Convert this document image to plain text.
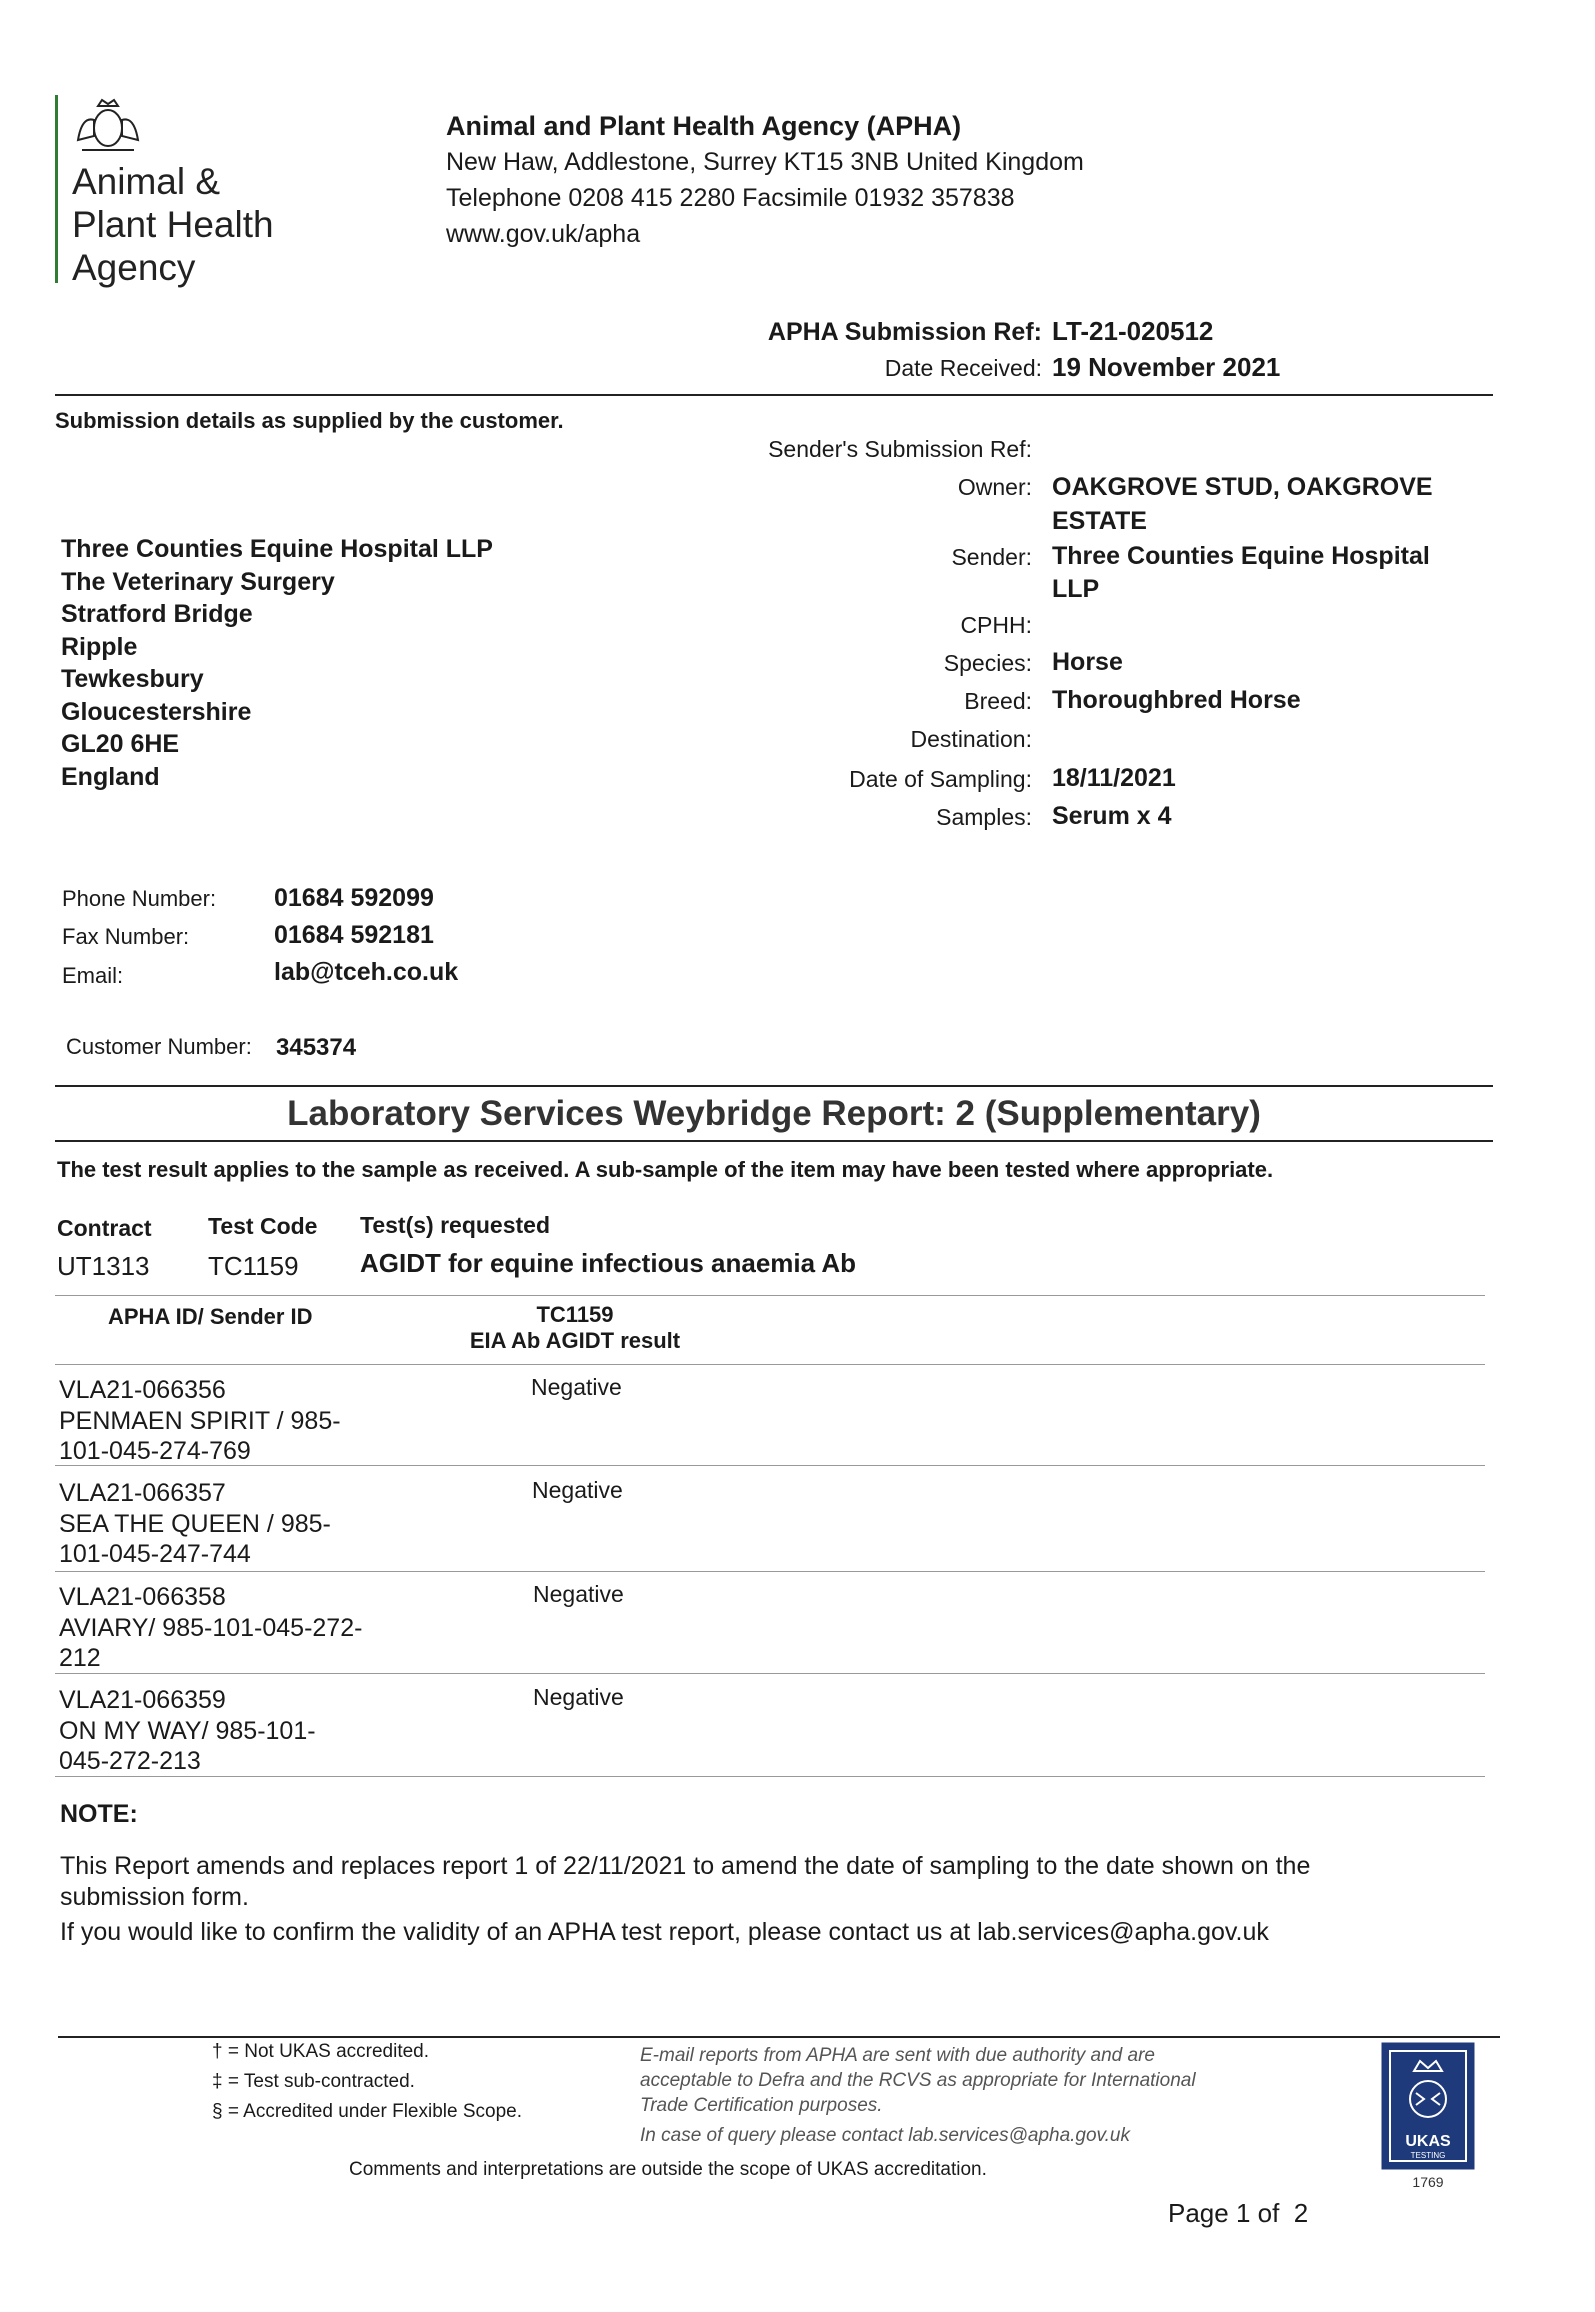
Animal &
Plant Health
Agency
Animal and Plant Health Agency (APHA)
New Haw, Addlestone, Surrey KT15 3NB United Kingdom
Telephone 0208 415 2280 Facsimile 01932 357838
www.gov.uk/apha
APHA Submission Ref: LT-21-020512
Date Received: 19 November 2021
Submission details as supplied by the customer.
Three Counties Equine Hospital LLP
The Veterinary Surgery
Stratford Bridge
Ripple
Tewkesbury
Gloucestershire
GL20 6HE
England
Sender's Submission Ref:
Owner: OAKGROVE STUD, OAKGROVE ESTATE
Sender: Three Counties Equine Hospital LLP
CPHH:
Species: Horse
Breed: Thoroughbred Horse
Destination:
Date of Sampling: 18/11/2021
Samples: Serum x 4
Phone Number: 01684 592099
Fax Number:	01684 592181
Email:	lab@tceh.co.uk
Customer Number: 345374
Laboratory Services Weybridge Report: 2 (Supplementary)
The test result applies to the sample as received. A sub-sample of the item may have been tested where appropriate.
Contract Test Code Test(s) requested
UT1313 TC1159 AGIDT for equine infectious anaemia Ab
APHA ID/ Sender ID	TC1159
EIA Ab AGIDT result
VLA21-066356
PENMAEN SPIRIT / 985-
101-045-274-769
Negative
VLA21-066357
SEA THE QUEEN / 985-
101-045-247-744
Negative
VLA21-066358
AVIARY/ 985-101-045-272-
212
Negative
VLA21-066359
ON MY WAY/ 985-101-
045-272-213
Negative
NOTE:
This Report amends and replaces report 1 of 22/11/2021 to amend the date of sampling to the date shown on the
submission form.
If you would like to confirm the validity of an APHA test report, please contact us at lab.services@apha.gov.uk
† = Not UKAS accredited.
‡ = Test sub-contracted.
§ = Accredited under Flexible Scope.
E-mail reports from APHA are sent with due authority and are
acceptable to Defra and the RCVS as appropriate for International
Trade Certification purposes.
In case of query please contact lab.services@apha.gov.uk
Comments and interpretations are outside the scope of UKAS accreditation.
UKAS
TESTING
1769
Page 1 of  2
